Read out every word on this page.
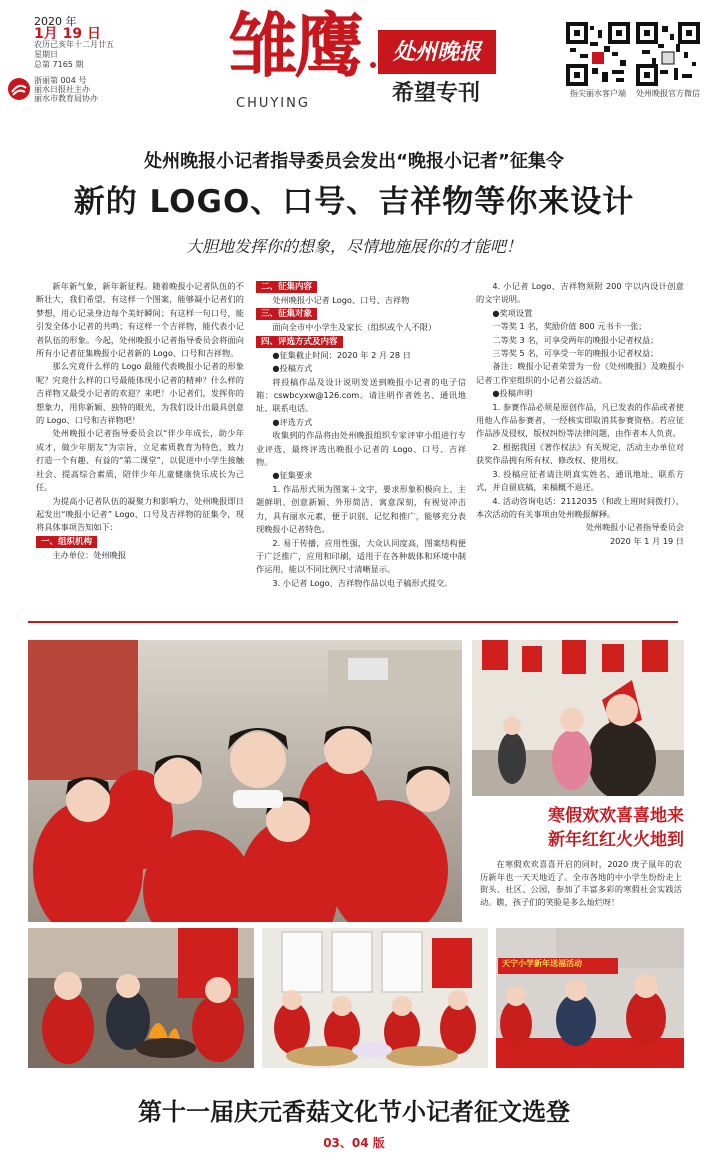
2020 年
1月 19 日
农历己亥年十二月廿五
星期日
总第 7165 期
浙丽第 004 号
丽水日报社主办
丽水市教育局协办
雏鹰
CHUYING
处州晚报
希望专刊	指尖丽水客户端 处州晚报官方微信
处州晚报小记者指导委员会发出“晚报小记者”征集令
新的 LOGO、口号、吉祥物等你来设计
大胆地发挥你的想象，尽情地施展你的才能吧！

新年新气象，新年新征程。随着晚报小记者队伍的不断壮大，我们希望，有这样一个图案，能够凝小记者们的梦想，用心记录身边每个美好瞬间；有这样一句口号，能引发全体小记者的共鸣；有这样一个吉祥物，能代表小记者队伍的形象。今起，处州晚报小记者指导委员会将面向所有小记者征集晚报小记者新的 Logo、口号和吉祥物。

那么究竟什么样的 Logo 最能代表晚报小记者的形象呢？究竟什么样的口号最能体现小记者的精神？什么样的吉祥物又最受小记者的欢迎？来吧！小记者们，发挥你的想象力，用你新颖、独特的眼光，为我们设计出最具创意的 Logo、口号和吉祥物吧！

处州晚报小记者指导委员会以“伴少年成长，助少年成才，做少年朋友”为宗旨，立足素质教育为特色，致力打造一个有趣、有益的“第二课堂”，以促进中小学生接触社会、提高综合素质，陪伴少年儿童健康快乐成长为己任。

为提高小记者队伍的凝聚力和影响力，处州晚报即日起发出“晚报小记者” Logo、口号及吉祥物的征集令，现将具体事项告知如下：

一、组织机构

主办单位：处州晚报

二、征集内容

处州晚报小记者 Logo、口号、吉祥物

三、征集对象

面向全市中小学生及家长（组织或个人不限）

四、评选方式及内容

●征集截止时间：2020 年 2 月 28 日

●投稿方式

将投稿作品及设计说明发送到晚报小记者的电子信箱：cswbcyxw@126.com。请注明作者姓名、通讯地址、联系电话。

●评选方式

收集到的作品将由处州晚报组织专家评审小组进行专业评选，最终评选出晚报小记者的 Logo、口号、吉祥物。

●征集要求

1. 作品形式须为图案＋文字，要求形象积极向上、主题鲜明、创意新颖、外形简洁、寓意深刻，有视觉冲击力，具有丽水元素，便于识别、记忆和推广，能够充分表现晚报小记者特色。

2. 易于传播，应用性强，大众认同度高，图案结构便于广泛推广，应用和印刷，适用于在各种载体和环境中制作运用，能以不同比例尺寸清晰显示。

3. 小记者 Logo、吉祥物作品以电子稿形式提交。

4. 小记者 Logo、吉祥物须附 200 字以内设计创意的文字说明。

●奖项设置

一等奖 1 名，奖励价值 800 元书卡一张；

二等奖 3 名，可享受两年的晚报小记者权益；

三等奖 5 名，可享受一年的晚报小记者权益；

备注：晚报小记者荣誉为一份《处州晚报》及晚报小记者工作室组织的小记者公益活动。

●投稿声明

1. 参赛作品必须是原创作品，凡已发表的作品或者使用他人作品参赛者，一经核实即取消其参赛资格。若应征作品涉及侵权，版权纠纷等法律问题，由作者本人负责。

2. 根据我国《著作权法》有关规定，活动主办单位对获奖作品拥有所有权、修改权、使用权。

3. 投稿应征者请注明真实姓名、通讯地址、联系方式，并自留底稿，来稿概不退还。

4. 活动咨询电话：2112035（和政上班时间拨打），本次活动的有关事项由处州晚报解释。

处州晚报小记者指导委员会
2020 年 1 月 19 日
寒假欢欢喜喜地来
新年红红火火地到

在寒假欢欢喜喜开启的同时，2020 庚子鼠年的农历新年也一天天地近了。全市各地的中小学生纷纷走上街头、社区、公园，参加了丰富多彩的寒假社会实践活动。瞧，孩子们的笑脸是多么灿烂呀！

天宁小学新年送福活动
第十一届庆元香菇文化节小记者征文选登
03、04 版
